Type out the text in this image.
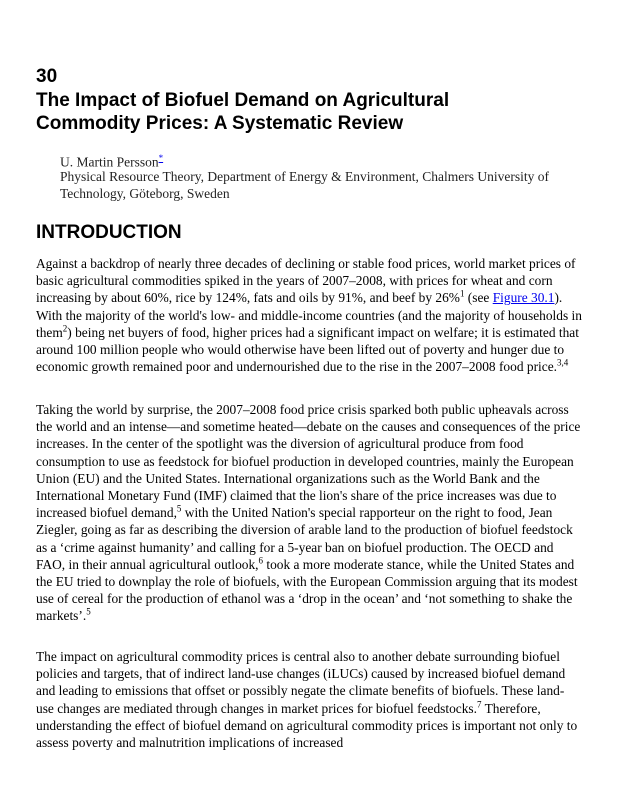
30
The Impact of Biofuel Demand on Agricultural Commodity Prices: A Systematic Review
U. Martin Persson*
Physical Resource Theory, Department of Energy & Environment, Chalmers University of Technology, Göteborg, Sweden
INTRODUCTION

Against a backdrop of nearly three decades of declining or stable food prices, world market prices of basic agricultural commodities spiked in the years of 2007–2008, with prices for wheat and corn increasing by about 60%, rice by 124%, fats and oils by 91%, and beef by 26%$^1$ (see Figure 30.1). With the majority of the world's low- and middle-income countries (and the majority of households in them$^2$) being net buyers of food, higher prices had a significant impact on welfare; it is estimated that around 100 million people who would otherwise have been lifted out of poverty and hunger due to economic growth remained poor and undernourished due to the rise in the 2007–2008 food price.$^{3,4}$

Taking the world by surprise, the 2007–2008 food price crisis sparked both public upheavals across the world and an intense—and sometime heated—debate on the causes and consequences of the price increases. In the center of the spotlight was the diversion of agricultural produce from food consumption to use as feedstock for biofuel production in developed countries, mainly the European Union (EU) and the United States. International organizations such as the World Bank and the International Monetary Fund (IMF) claimed that the lion's share of the price increases was due to increased biofuel demand,$^5$ with the United Nation's special rapporteur on the right to food, Jean Ziegler, going as far as describing the diversion of arable land to the production of biofuel feedstock as a ‘crime against humanity’ and calling for a 5-year ban on biofuel production. The OECD and FAO, in their annual agricultural outlook,$^6$ took a more moderate stance, while the United States and the EU tried to downplay the role of biofuels, with the European Commission arguing that its modest use of cereal for the production of ethanol was a ‘drop in the ocean’ and ‘not something to shake the markets’.$^5$

The impact on agricultural commodity prices is central also to another debate surrounding biofuel policies and targets, that of indirect land-use changes (iLUCs) caused by increased biofuel demand and leading to emissions that offset or possibly negate the climate benefits of biofuels. These land-use changes are mediated through changes in market prices for biofuel feedstocks.$^7$ Therefore, understanding the effect of biofuel demand on agricultural commodity prices is important not only to assess poverty and malnutrition implications of increased
